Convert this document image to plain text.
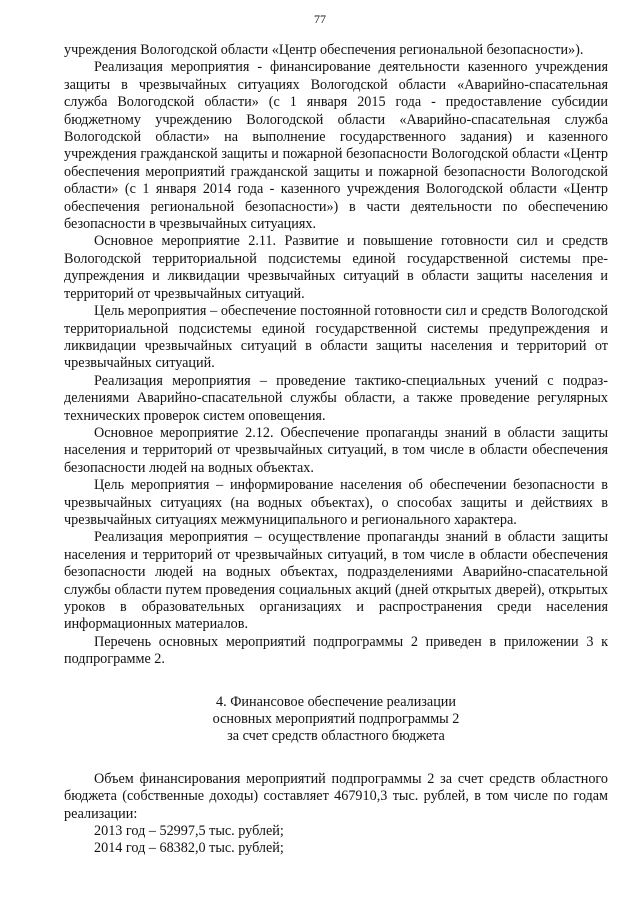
77

учреждения Вологодской области «Центр обеспечения региональной безопасности»).

Реализация мероприятия - финансирование деятельности казенного учреждения защиты в чрезвычайных ситуациях Вологодской области «Аварийно-спасательная служба Вологодской области» (с 1 января 2015 года - предоставление субсидии бюджетному учреждению Вологодской области «Аварийно-спасательная служба Вологодской области» на выполнение государственного задания) и казенного учреждения гражданской защиты и пожарной безопасности Вологодской области «Центр обеспечения мероприятий гражданской защиты и пожарной безопасности Вологодской области» (с 1 января 2014 года - казенного учреждения Вологодской области «Центр обеспечения региональной безопасности») в части деятельности по обеспечению безопасности в чрезвычайных ситуациях.

Основное мероприятие 2.11. Развитие и повышение готовности сил и средств Вологодской территориальной подсистемы единой государственной системы предупреждения и ликвидации чрезвычайных ситуаций в области защиты населения и территорий от чрезвычайных ситуаций.

Цель мероприятия – обеспечение постоянной готовности сил и средств Вологодской территориальной подсистемы единой государственной системы предупреждения и ликвидации чрезвычайных ситуаций в области защиты населения и территорий от чрезвычайных ситуаций.

Реализация мероприятия – проведение тактико-специальных учений с подразделениями Аварийно-спасательной службы области, а также проведение регулярных технических проверок систем оповещения.

Основное мероприятие 2.12. Обеспечение пропаганды знаний в области защиты населения и территорий от чрезвычайных ситуаций, в том числе в области обеспечения безопасности людей на водных объектах.

Цель мероприятия – информирование населения об обеспечении безопасности в чрезвычайных ситуациях (на водных объектах), о способах защиты и действиях в чрезвычайных ситуациях межмуниципального и регионального характера.

Реализация мероприятия – осуществление пропаганды знаний в области защиты населения и территорий от чрезвычайных ситуаций, в том числе в области обеспечения безопасности людей на водных объектах, подразделениями Аварийно-спасательной службы области путем проведения социальных акций (дней открытых дверей), открытых уроков в образовательных организациях и распространения среди населения информационных материалов.

Перечень основных мероприятий подпрограммы 2 приведен в приложении 3 к подпрограмме 2.

4. Финансовое обеспечение реализации
основных мероприятий подпрограммы 2
за счет средств областного бюджета

Объем финансирования мероприятий подпрограммы 2 за счет средств областного бюджета (собственные доходы) составляет 467910,3 тыс. рублей, в том числе по годам реализации:

2013 год – 52997,5 тыс. рублей;

2014 год – 68382,0 тыс. рублей;
